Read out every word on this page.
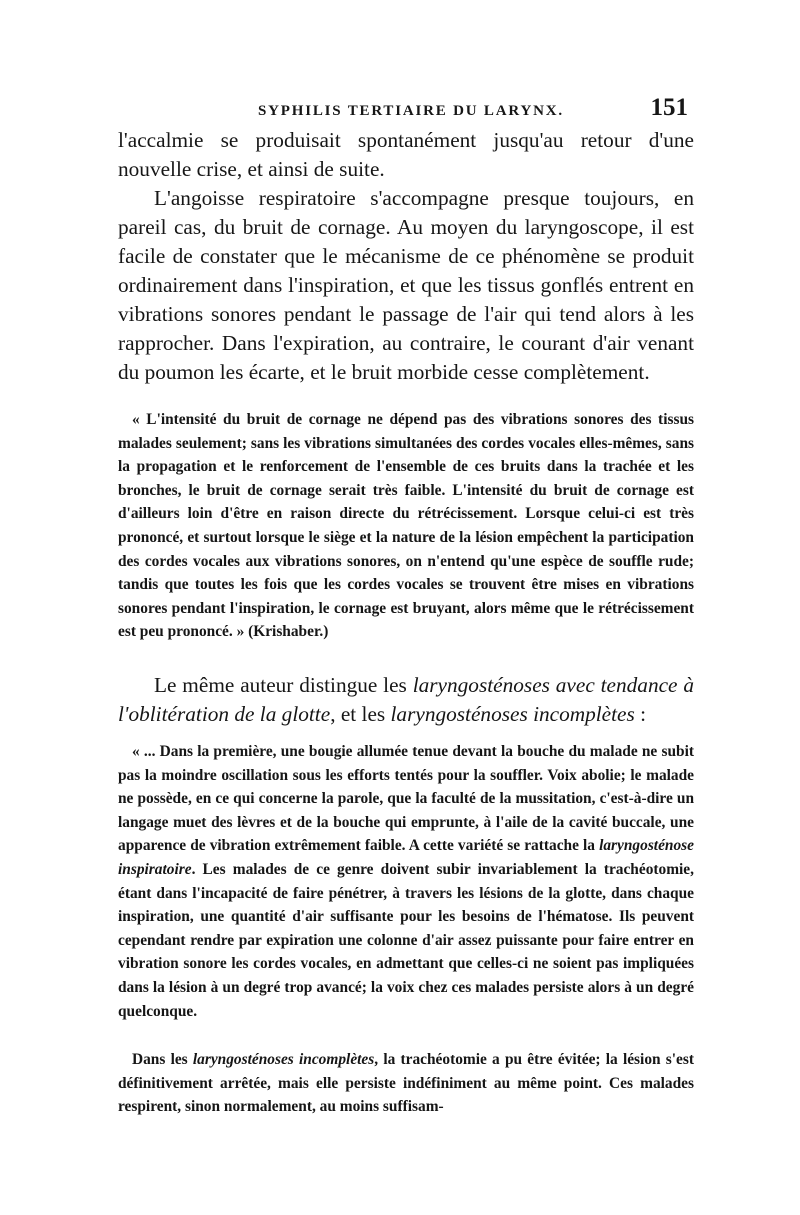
SYPHILIS TERTIAIRE DU LARYNX.	151

l'accalmie se produisait spontanément jusqu'au retour d'une nouvelle crise, et ainsi de suite.

L'angoisse respiratoire s'accompagne presque toujours, en pareil cas, du bruit de cornage. Au moyen du laryngoscope, il est facile de constater que le mécanisme de ce phénomène se produit ordinairement dans l'inspiration, et que les tissus gonflés entrent en vibrations sonores pendant le passage de l'air qui tend alors à les rapprocher. Dans l'expiration, au contraire, le courant d'air venant du poumon les écarte, et le bruit morbide cesse complètement.

« L'intensité du bruit de cornage ne dépend pas des vibrations sonores des tissus malades seulement; sans les vibrations simultanées des cordes vocales elles-mêmes, sans la propagation et le renforcement de l'ensemble de ces bruits dans la trachée et les bronches, le bruit de cornage serait très faible. L'intensité du bruit de cornage est d'ailleurs loin d'être en raison directe du rétrécissement. Lorsque celui-ci est très prononcé, et surtout lorsque le siège et la nature de la lésion empêchent la participation des cordes vocales aux vibrations sonores, on n'entend qu'une espèce de souffle rude; tandis que toutes les fois que les cordes vocales se trouvent être mises en vibrations sonores pendant l'inspiration, le cornage est bruyant, alors même que le rétrécissement est peu prononcé. » (Krishaber.)

Le même auteur distingue les laryngosténoses avec tendance à l'oblitération de la glotte, et les laryngosténoses incomplètes :

« ... Dans la première, une bougie allumée tenue devant la bouche du malade ne subit pas la moindre oscillation sous les efforts tentés pour la souffler. Voix abolie; le malade ne possède, en ce qui concerne la parole, que la faculté de la mussitation, c'est-à-dire un langage muet des lèvres et de la bouche qui emprunte, à l'aile de la cavité buccale, une apparence de vibration extrêmement faible. A cette variété se rattache la laryngosténose inspiratoire. Les malades de ce genre doivent subir invariablement la trachéotomie, étant dans l'incapacité de faire pénétrer, à travers les lésions de la glotte, dans chaque inspiration, une quantité d'air suffisante pour les besoins de l'hématose. Ils peuvent cependant rendre par expiration une colonne d'air assez puissante pour faire entrer en vibration sonore les cordes vocales, en admettant que celles-ci ne soient pas impliquées dans la lésion à un degré trop avancé; la voix chez ces malades persiste alors à un degré quelconque.

Dans les laryngosténoses incomplètes, la trachéotomie a pu être évitée; la lésion s'est définitivement arrêtée, mais elle persiste indéfiniment au même point. Ces malades respirent, sinon normalement, au moins suffisam-
